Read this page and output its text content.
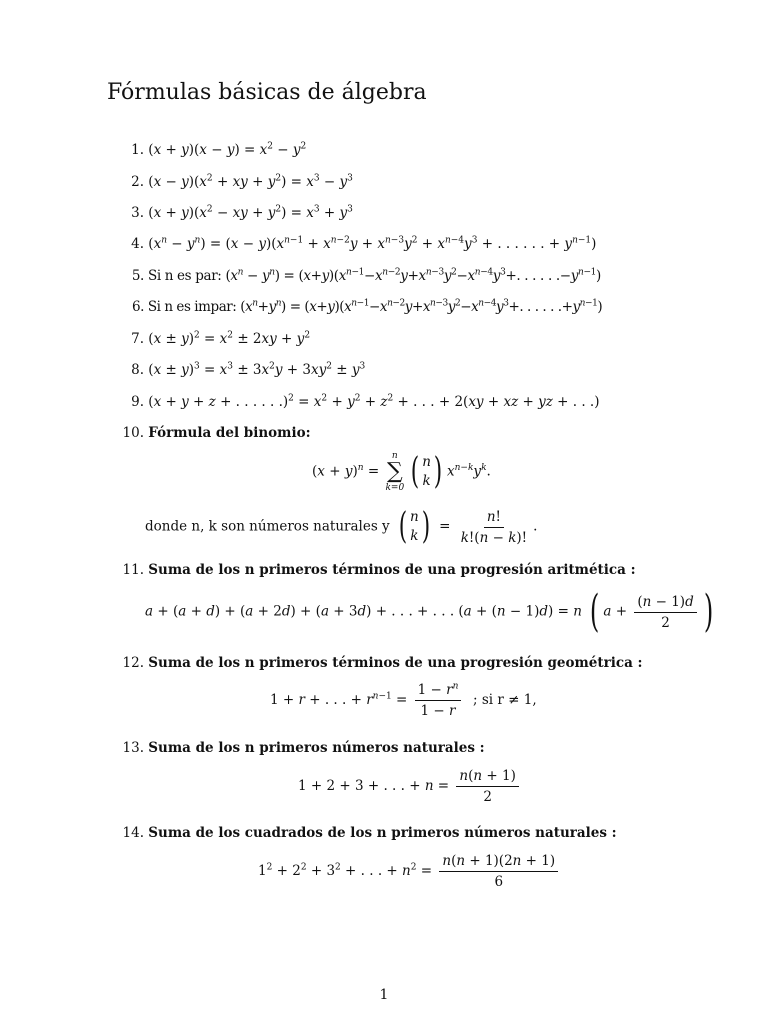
Fórmulas básicas de álgebra
1. $(x + y)(x - y) = x^2 - y^2$
2. $(x - y)(x^2$ + xy + $y^2) = x^3 - y^3$
3. $(x + y)(x^2$ − xy + $y^2) = x^3 + y^3$
4. $(x^n - y^n) = (x - y)(x^{n-1} + x^{n-2}y + x^{n-3}y^2 + x^{n-4}y^3$ + . . . . . . + $y^{n-1}$)
5. Si n es par: $(x^n - y^n) = (x+y)(x^{n-1}-x^{n-2}y+x^{n-3}y^2-x^{n-4}y^3+$. . . . . $.-y^{n-1}$)
6. Si n es impar: $(x^n+y^n) = (x+y)(x^{n-1}-x^{n-2}y+x^{n-3}y^2-x^{n-4}y^3+$. . . . . $.+y^{n-1}$)
7. $(x \pm y)^2 = x^2 \pm 2xy + y^2$
8. $(x \pm y)^3 = x^3 \pm 3x^2y + 3xy^2 \pm y^3$
9. (x + y + z + . . . . . $.)^2 = x^2 + y^2 + z^2$ + . . . + 2(xy + xz + yz + . . .)
10. Fórmula del binomio:
$(x + y)^n$ =
n
∑
k=0 ( n
k ) $x^{n-k}y^k$.
donde n, k son números naturales y ( n
k ) = $\frac{n!}{k!(n - k)!}$ .
11. Suma de los n primeros términos de una progresión aritmética :
a + (a + d) + (a + 2d) + (a + 3d) + . . . + . . . (a + (n − 1)d) = n ( $a + \frac{(n - 1)d}{2}$ )
12. Suma de los n primeros términos de una progresión geométrica :
1 + r + . . . + $r^{n-1} = \frac{1 - r^n}{1 - r}$ ; si r ≠ 1,
13. Suma de los n primeros números naturales :
1 + 2 + 3 + . . . + $n = \frac{n(n + 1)}{2}$
14. Suma de los cuadrados de los n primeros números naturales :
$1^2 + 2^2 + 3^2$ + . . . + $n^2 = \frac{n(n + 1)(2n + 1)}{6}$
1
